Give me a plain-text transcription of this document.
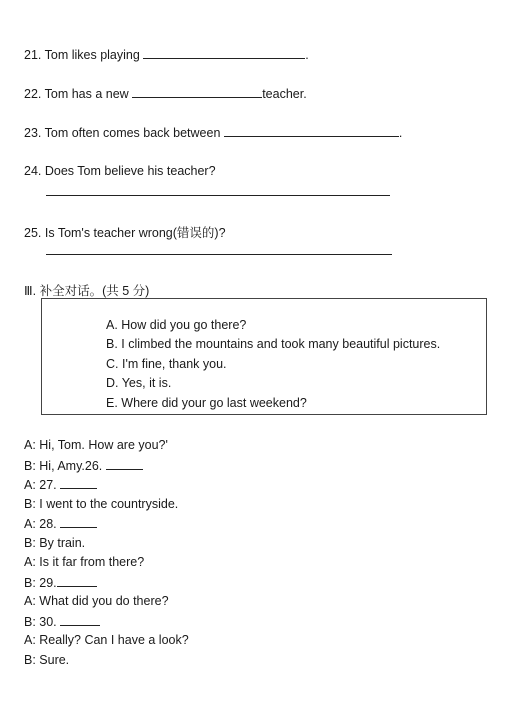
21. Tom likes playing	.
22. Tom has a new	teacher.
23. Tom often comes back between	.
24. Does Tom believe his teacher?
25. Is Tom's teacher wrong(错误的)?
Ⅲ. 补全对话。(共 5 分)
A. How did you go there?
B. I climbed the mountains and took many beautiful pictures.
C. I'm fine, thank you.
D. Yes, it is.
E. Where did your go last weekend?
A: Hi, Tom. How are you?'
B: Hi, Amy.26.
A: 27.
B: I went to the countryside.
A: 28.
B: By train.
A: Is it far from there?
B: 29.
A: What did you do there?
B: 30.
A: Really? Can I have a look?
B: Sure.
